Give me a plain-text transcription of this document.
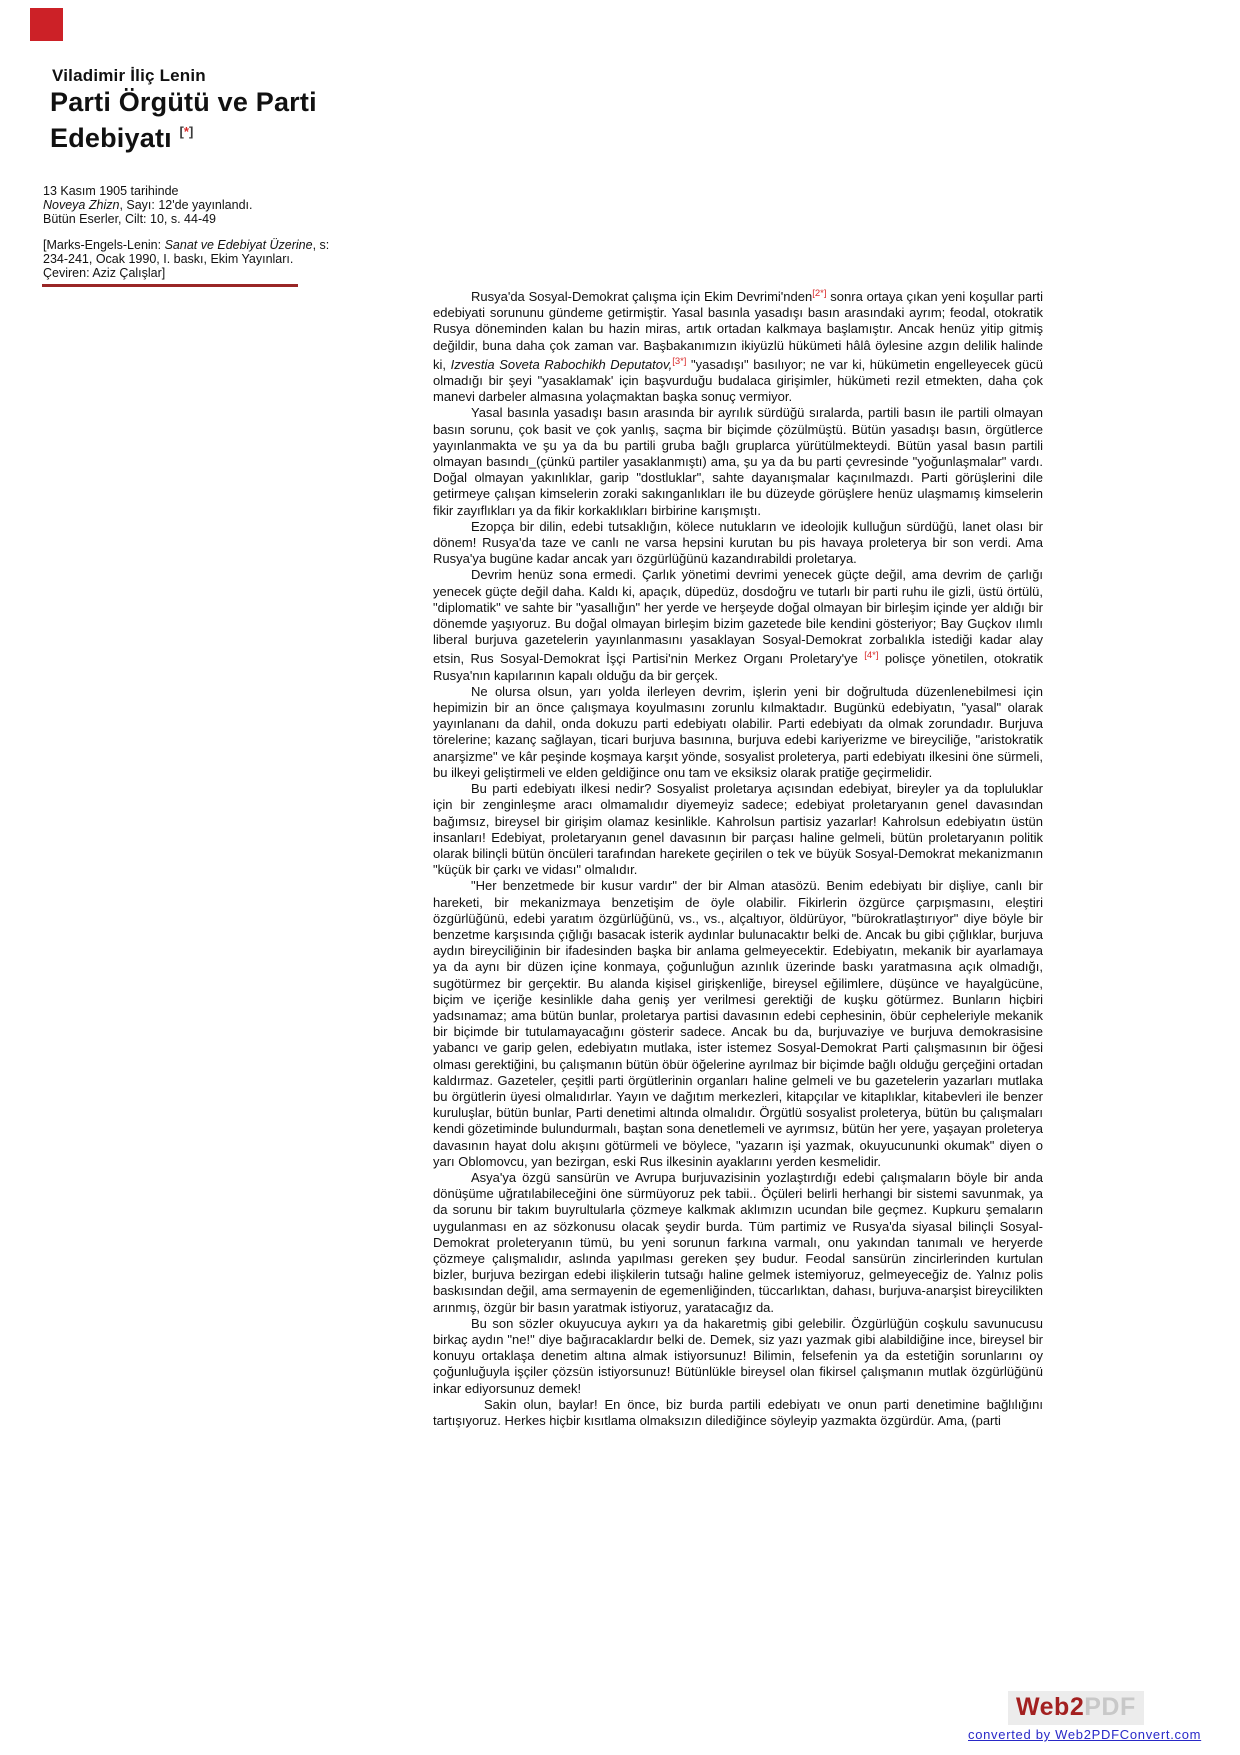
Viladimir İliç Lenin
Parti Örgütü ve Parti
Edebiyatı [*]
13 Kasım 1905 tarihinde
Noveya Zhizn, Sayı: 12'de yayınlandı.
Bütün Eserler, Cilt: 10, s. 44-49
[Marks-Engels-Lenin: Sanat ve Edebiyat Üzerine, s:
234-241, Ocak 1990, I. baskı, Ekim Yayınları.
Çeviren: Aziz Çalışlar]

Rusya'da Sosyal-Demokrat çalışma için Ekim Devrimi'nden[2*] sonra ortaya çıkan yeni koşullar parti edebiyati sorununu gündeme getirmiştir. Yasal basınla yasadışı basın arasındaki ayrım; feodal, otokratik Rusya döneminden kalan bu hazin miras, artık ortadan kalkmaya başlamıştır. Ancak henüz yitip gitmiş değildir, buna daha çok zaman var. Başbakanımızın ikiyüzlü hükümeti hâlâ öylesine azgın delilik halinde ki, Izvestia Soveta Rabochikh Deputatov,[3*] "yasadışı" basılıyor; ne var ki, hükümetin engelleyecek gücü olmadığı bir şeyi "yasaklamak' için başvurduğu budalaca girişimler, hükümeti rezil etmekten, daha çok manevi darbeler almasına yolaçmaktan başka sonuç vermiyor.

Yasal basınla yasadışı basın arasında bir ayrılık sürdüğü sıralarda, partili basın ile partili olmayan basın sorunu, çok basit ve çok yanlış, saçma bir biçimde çözülmüştü. Bütün yasadışı basın, örgütlerce yayınlanmakta ve şu ya da bu partili gruba bağlı gruplarca yürütülmekteydi. Bütün yasal basın partili olmayan basındı_(çünkü partiler yasaklanmıştı) ama, şu ya da bu parti çevresinde "yoğunlaşmalar" vardı. Doğal olmayan yakınlıklar, garip "dostluklar", sahte dayanışmalar kaçınılmazdı. Parti görüşlerini dile getirmeye çalışan kimselerin zoraki sakınganlıkları ile bu düzeyde görüşlere henüz ulaşmamış kimselerin fikir zayıflıkları ya da fikir korkaklıkları birbirine karışmıştı.

Ezopça bir dilin, edebi tutsaklığın, kölece nutukların ve ideolojik kulluğun sürdüğü, lanet olası bir dönem! Rusya'da taze ve canlı ne varsa hepsini kurutan bu pis havaya proleterya bir son verdi. Ama Rusya'ya bugüne kadar ancak yarı özgürlüğünü kazandırabildi proletarya.

Devrim henüz sona ermedi. Çarlık yönetimi devrimi yenecek güçte değil, ama devrim de çarlığı yenecek güçte değil daha. Kaldı ki, apaçık, düpedüz, dosdoğru ve tutarlı bir parti ruhu ile gizli, üstü örtülü, "diplomatik" ve sahte bir "yasallığın" her yerde ve herşeyde doğal olmayan bir birleşim içinde yer aldığı bir dönemde yaşıyoruz. Bu doğal olmayan birleşim bizim gazetede bile kendini gösteriyor; Bay Guçkov ılımlı liberal burjuva gazetelerin yayınlanmasını yasaklayan Sosyal-Demokrat zorbalıkla istediği kadar alay etsin, Rus Sosyal-Demokrat İşçi Partisi'nin Merkez Organı Proletary'ye [4*] polisçe yönetilen, otokratik Rusya'nın kapılarının kapalı olduğu da bir gerçek.

Ne olursa olsun, yarı yolda ilerleyen devrim, işlerin yeni bir doğrultuda düzenlenebilmesi için hepimizin bir an önce çalışmaya koyulmasını zorunlu kılmaktadır. Bugünkü edebiyatın, "yasal" olarak yayınlananı da dahil, onda dokuzu parti edebiyatı olabilir. Parti edebiyatı da olmak zorundadır. Burjuva törelerine; kazanç sağlayan, ticari burjuva basınına, burjuva edebi kariyerizme ve bireyciliğe, "aristokratik anarşizme" ve kâr peşinde koşmaya karşıt yönde, sosyalist proleterya, parti edebiyatı ilkesini öne sürmeli, bu ilkeyi geliştirmeli ve elden geldiğince onu tam ve eksiksiz olarak pratiğe geçirmelidir.

Bu parti edebiyatı ilkesi nedir? Sosyalist proletarya açısından edebiyat, bireyler ya da topluluklar için bir zenginleşme aracı olmamalıdır diyemeyiz sadece; edebiyat proletaryanın genel davasından bağımsız, bireysel bir girişim olamaz kesinlikle. Kahrolsun partisiz yazarlar! Kahrolsun edebiyatın üstün insanları! Edebiyat, proletaryanın genel davasının bir parçası haline gelmeli, bütün proletaryanın politik olarak bilinçli bütün öncüleri tarafından harekete geçirilen o tek ve büyük Sosyal-Demokrat mekanizmanın "küçük bir çarkı ve vidası" olmalıdır.

"Her benzetmede bir kusur vardır" der bir Alman atasözü. Benim edebiyatı bir dişliye, canlı bir hareketi, bir mekanizmaya benzetişim de öyle olabilir. Fikirlerin özgürce çarpışmasını, eleştiri özgürlüğünü, edebi yaratım özgürlüğünü, vs., vs., alçaltıyor, öldürüyor, "bürokratlaştırıyor" diye böyle bir benzetme karşısında çığlığı basacak isterik aydınlar bulunacaktır belki de. Ancak bu gibi çığlıklar, burjuva aydın bireyciliğinin bir ifadesinden başka bir anlama gelmeyecektir. Edebiyatın, mekanik bir ayarlamaya ya da aynı bir düzen içine konmaya, çoğunluğun azınlık üzerinde baskı yaratmasına açık olmadığı, sugötürmez bir gerçektir. Bu alanda kişisel girişkenliğe, bireysel eğilimlere, düşünce ve hayalgücüne, biçim ve içeriğe kesinlikle daha geniş yer verilmesi gerektiği de kuşku götürmez. Bunların hiçbiri yadsınamaz; ama bütün bunlar, proletarya partisi davasının edebi cephesinin, öbür cepheleriyle mekanik bir biçimde bir tutulamayacağını gösterir sadece. Ancak bu da, burjuvaziye ve burjuva demokrasisine yabancı ve garip gelen, edebiyatın mutlaka, ister istemez Sosyal-Demokrat Parti çalışmasının bir öğesi olması gerektiğini, bu çalışmanın bütün öbür öğelerine ayrılmaz bir biçimde bağlı olduğu gerçeğini ortadan kaldırmaz. Gazeteler, çeşitli parti örgütlerinin organları haline gelmeli ve bu gazetelerin yazarları mutlaka bu örgütlerin üyesi olmalıdırlar. Yayın ve dağıtım merkezleri, kitapçılar ve kitaplıklar, kitabevleri ile benzer kuruluşlar, bütün bunlar, Parti denetimi altında olmalıdır. Örgütlü sosyalist proleterya, bütün bu çalışmaları kendi gözetiminde bulundurmalı, baştan sona denetlemeli ve ayrımsız, bütün her yere, yaşayan proleterya davasının hayat dolu akışını götürmeli ve böylece, "yazarın işi yazmak, okuyucununki okumak" diyen o yarı Oblomovcu, yan bezirgan, eski Rus ilkesinin ayaklarını yerden kesmelidir.

Asya'ya özgü sansürün ve Avrupa burjuvazisinin yozlaştırdığı edebi çalışmaların böyle bir anda dönüşüme uğratılabileceğini öne sürmüyoruz pek tabii.. Öçüleri belirli herhangi bir sistemi savunmak, ya da sorunu bir takım buyrultularla çözmeye kalkmak aklımızın ucundan bile geçmez. Kupkuru şemaların uygulanması en az sözkonusu olacak şeydir burda. Tüm partimiz ve Rusya'da siyasal bilinçli Sosyal-Demokrat proleteryanın tümü, bu yeni sorunun farkına varmalı, onu yakından tanımalı ve heryerde çözmeye çalışmalıdır, aslında yapılması gereken şey budur. Feodal sansürün zincirlerinden kurtulan bizler, burjuva bezirgan edebi ilişkilerin tutsağı haline gelmek istemiyoruz, gelmeyeceğiz de. Yalnız polis baskısından değil, ama sermayenin de egemenliğinden, tüccarlıktan, dahası, burjuva-anarşist bireycilikten arınmış, özgür bir basın yaratmak istiyoruz, yaratacağız da.

Bu son sözler okuyucuya aykırı ya da hakaretmiş gibi gelebilir. Özgürlüğün coşkulu savunucusu birkaç aydın "ne!" diye bağıracaklardır belki de. Demek, siz yazı yazmak gibi alabildiğine ince, bireysel bir konuyu ortaklaşa denetim altına almak istiyorsunuz! Bilimin, felsefenin ya da estetiğin sorunlarını oy çoğunluğuyla işçiler çözsün istiyorsunuz! Bütünlükle bireysel olan fikirsel çalışmanın mutlak özgürlüğünü inkar ediyorsunuz demek!

Sakin olun, baylar! En önce, biz burda partili edebiyatı ve onun parti denetimine bağlılığını tartışıyoruz. Herkes hiçbir kısıtlama olmaksızın dilediğince söyleyip yazmakta özgürdür. Ama, (parti

Web2PDF
converted by Web2PDFConvert.com
